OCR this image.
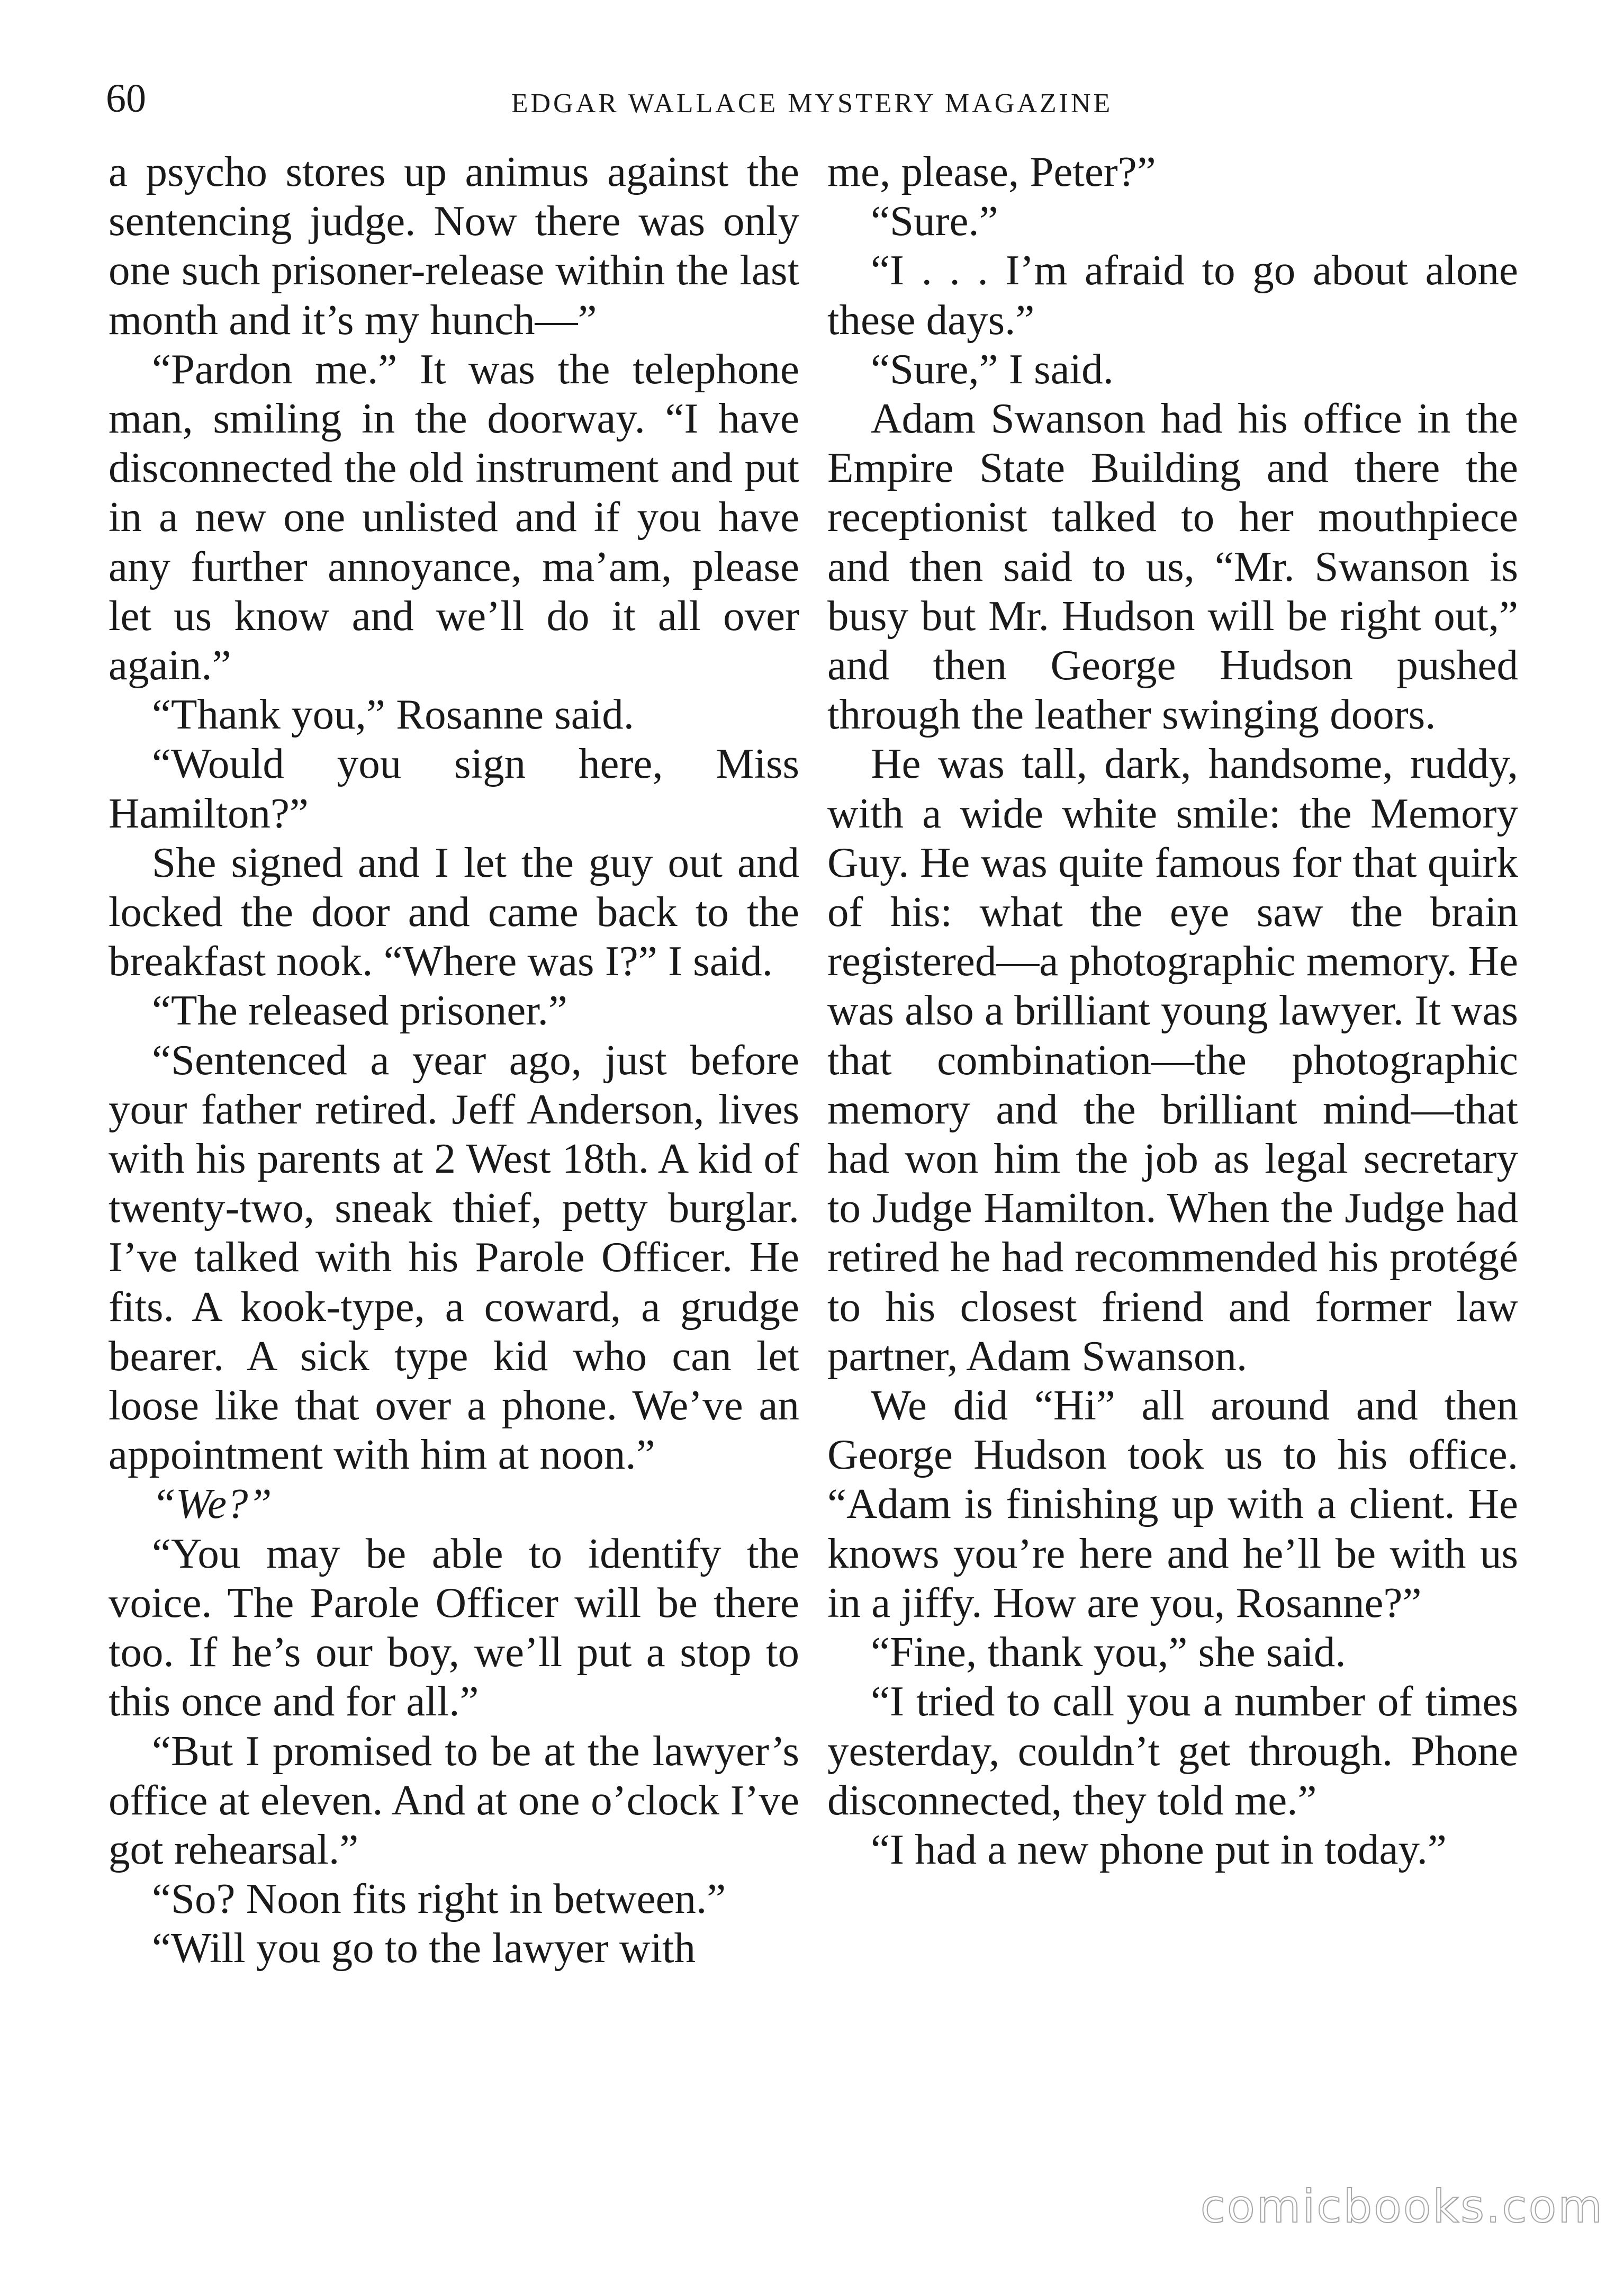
60	EDGAR WALLACE MYSTERY MAGAZINE

a psycho stores up animus against the sentencing judge. Now there was only one such prisoner-release within the last month and it’s my hunch—”

“Pardon me.” It was the telephone man, smiling in the doorway. “I have disconnected the old instrument and put in a new one unlisted and if you have any further annoyance, ma’am, please let us know and we’ll do it all over again.”

“Thank you,” Rosanne said.

“Would you sign here, Miss Hamilton?”

She signed and I let the guy out and locked the door and came back to the breakfast nook. “Where was I?” I said.

“The released prisoner.”

“Sentenced a year ago, just before your father retired. Jeff Anderson, lives with his parents at 2 West 18th. A kid of twenty-two, sneak thief, petty burglar. I’ve talked with his Parole Officer. He fits. A kook-type, a coward, a grudge bearer. A sick type kid who can let loose like that over a phone. We’ve an appointment with him at noon.”

“We?”

“You may be able to identify the voice. The Parole Officer will be there too. If he’s our boy, we’ll put a stop to this once and for all.”

“But I promised to be at the lawyer’s office at eleven. And at one o’clock I’ve got rehearsal.”

“So? Noon fits right in between.”

“Will you go to the lawyer with

me, please, Peter?”

“Sure.”

“I . . . I’m afraid to go about alone these days.”

“Sure,” I said.

Adam Swanson had his office in the Empire State Building and there the receptionist talked to her mouthpiece and then said to us, “Mr. Swanson is busy but Mr. Hudson will be right out,” and then George Hudson pushed through the leather swinging doors.

He was tall, dark, handsome, ruddy, with a wide white smile: the Memory Guy. He was quite famous for that quirk of his: what the eye saw the brain registered—a photographic memory. He was also a brilliant young lawyer. It was that combination—the photographic memory and the brilliant mind—that had won him the job as legal secretary to Judge Hamilton. When the Judge had retired he had recommended his protégé to his closest friend and former law partner, Adam Swanson.

We did “Hi” all around and then George Hudson took us to his office. “Adam is finishing up with a client. He knows you’re here and he’ll be with us in a jiffy. How are you, Rosanne?”

“Fine, thank you,” she said.

“I tried to call you a number of times yesterday, couldn’t get through. Phone disconnected, they told me.”

“I had a new phone put in today.”

comicbooks.com
